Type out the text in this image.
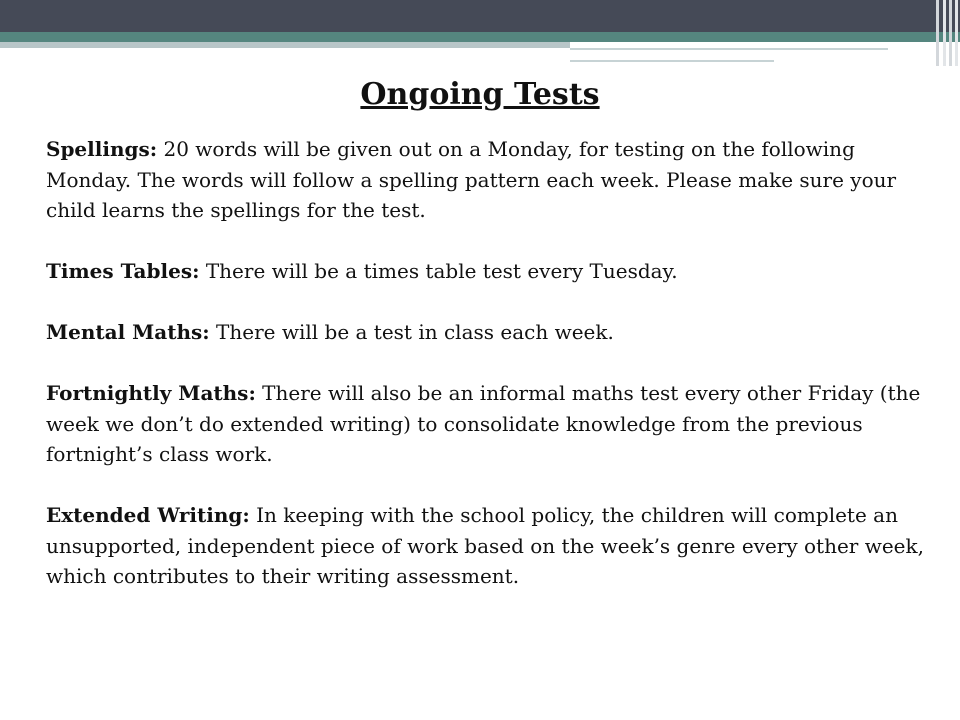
Ongoing Tests

Spellings: 20 words will be given out on a Monday, for testing on the following Monday. The words will follow a spelling pattern each week. Please make sure your child learns the spellings for the test.

Times Tables: There will be a times table test every Tuesday.

Mental Maths: There will be a test in class each week.

Fortnightly Maths: There will also be an informal maths test every other Friday (the week we don’t do extended writing) to consolidate knowledge from the previous fortnight’s class work.

Extended Writing: In keeping with the school policy, the children will complete an unsupported, independent piece of work based on the week’s genre every other week, which contributes to their writing assessment.
